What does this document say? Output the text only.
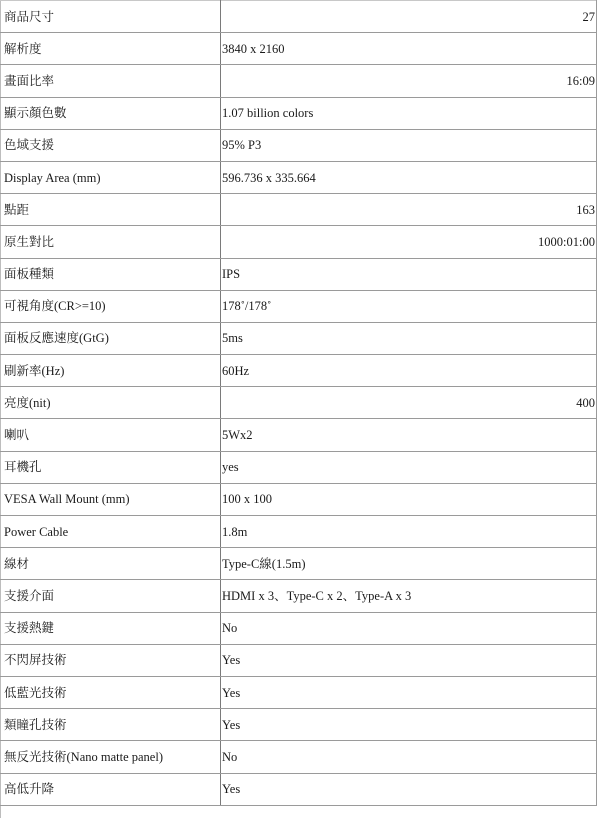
商品尺寸	27
解析度	3840 x 2160
畫面比率	16:09
顯示顏色數	1.07 billion colors
色域支援	95% P3
Display Area (mm)	596.736 x 335.664
點距	163
原生對比	1000:01:00
面板種類	IPS
可視角度(CR>=10)	178˚/178˚
面板反應速度(GtG)	5ms
刷新率(Hz)	60Hz
亮度(nit)	400
喇叭	5Wx2
耳機孔	yes
VESA Wall Mount (mm)	100 x 100
Power Cable	1.8m
線材	Type-C線(1.5m)
支援介面	HDMI x 3、Type-C x 2、Type-A x 3
支援熱鍵	No
不閃屏技術	Yes
低藍光技術	Yes
類瞳孔技術	Yes
無反光技術(Nano matte panel)	No
高低升降	Yes
